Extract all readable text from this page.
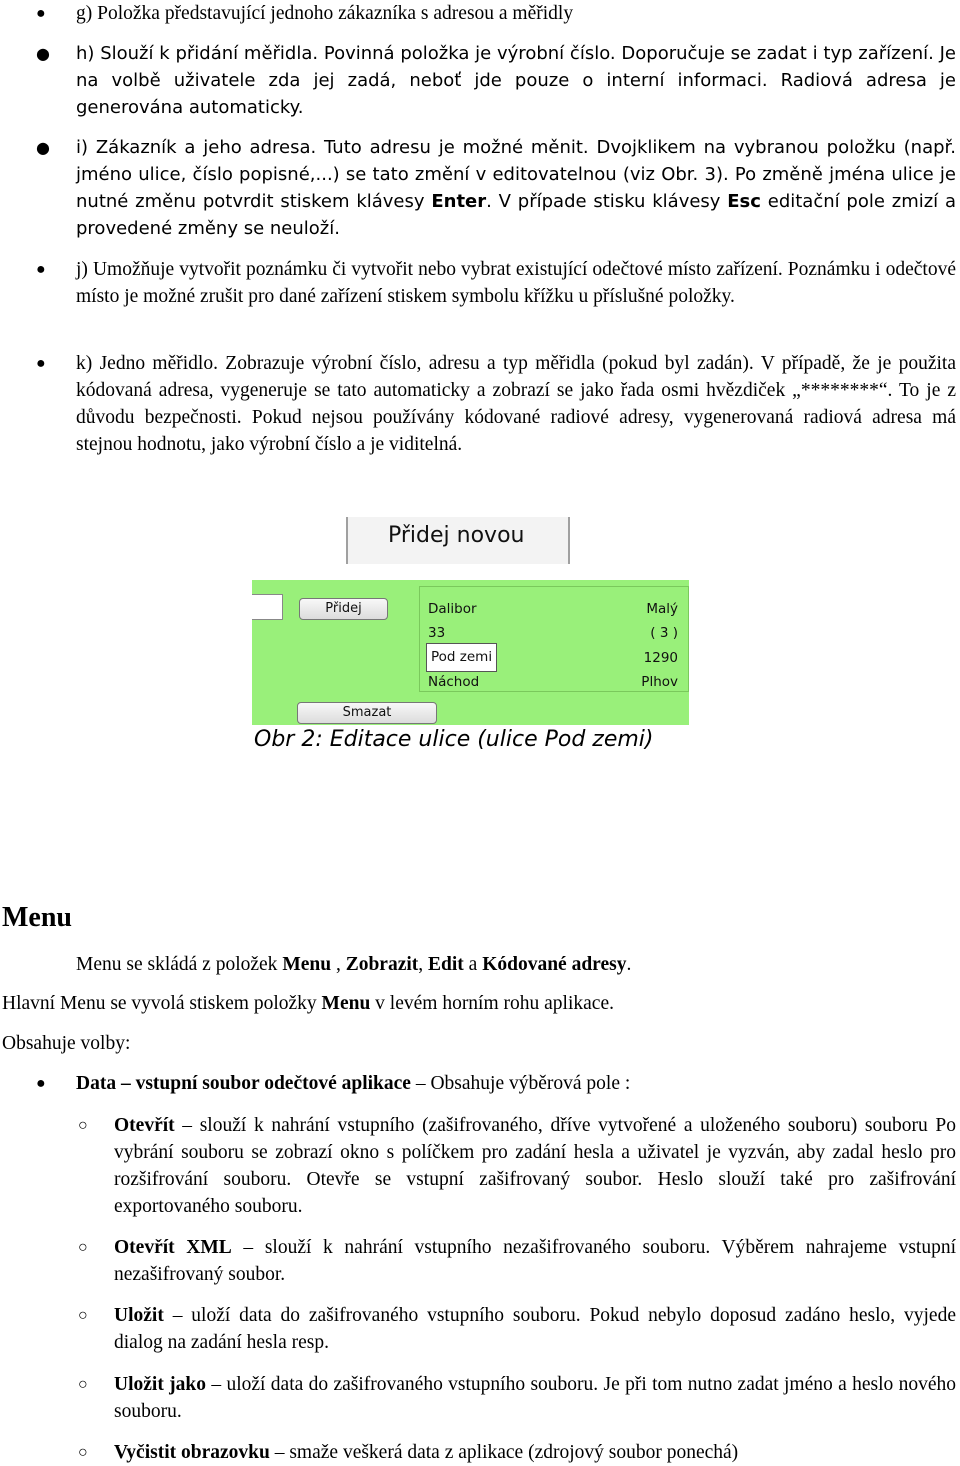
● g) Položka představující jednoho zákazníka s adresou a měřidly

● h) Slouží k přidání měřidla. Povinná položka je výrobní číslo. Doporučuje se zadat i typ zařízení. Je na volbě uživatele zda jej zadá, neboť jde pouze o interní informaci. Radiová adresa je generována automaticky.

● i) Zákazník a jeho adresa. Tuto adresu je možné měnit. Dvojklikem na vybranou položku (např. jméno ulice, číslo popisné,...) se tato změní v editovatelnou (viz Obr. 3). Po změně jména ulice je nutné změnu potvrdit stiskem klávesy Enter. V případe stisku klávesy Esc editační pole zmizí a provedené změny se neuloží.

● j) Umožňuje vytvořit poznámku či vytvořit nebo vybrat existující odečtové místo zařízení. Poznámku i odečtové místo je možné zrušit pro dané zařízení stiskem symbolu křížku u příslušné položky.

● k) Jedno měřidlo. Zobrazuje výrobní číslo, adresu a typ měřidla (pokud byl zadán). V případě, že je použita kódovaná adresa, vygeneruje se tato automaticky a zobrazí se jako řada osmi hvězdiček „********“. To je z důvodu bezpečnosti. Pokud nejsou používány kódované radiové adresy, vygenerovaná radiová adresa má stejnou hodnotu, jako výrobní číslo a je viditelná.

Přidej novou
Přidej	Dalibor	Malý
33	( 3 )
Pod zemi	1290
Náchod	Plhov
Smazat
Obr 2: Editace ulice (ulice Pod zemi)
Menu

Menu se skládá z položek Menu , Zobrazit, Edit a Kódované adresy.

Hlavní Menu se vyvolá stiskem položky Menu v levém horním rohu aplikace.

Obsahuje volby:

● Data – vstupní soubor odečtové aplikace – Obsahuje výběrová pole :

○ Otevřít – slouží k nahrání vstupního (zašifrovaného, dříve vytvořené a uloženého souboru) souboru Po vybrání souboru se zobrazí okno s políčkem pro zadání hesla a uživatel je vyzván, aby zadal heslo pro rozšifrování souboru. Otevře se vstupní zašifrovaný soubor. Heslo slouží také pro zašifrování exportovaného souboru.

○ Otevřít XML – slouží k nahrání vstupního nezašifrovaného souboru. Výběrem nahrajeme vstupní nezašifrovaný soubor.

○ Uložit – uloží data do zašifrovaného vstupního souboru. Pokud nebylo doposud zadáno heslo, vyjede dialog na zadání hesla resp.

○ Uložit jako – uloží data do zašifrovaného vstupního souboru. Je při tom nutno zadat jméno a heslo nového souboru.

○ Vyčistit obrazovku – smaže veškerá data z aplikace (zdrojový soubor ponechá)
